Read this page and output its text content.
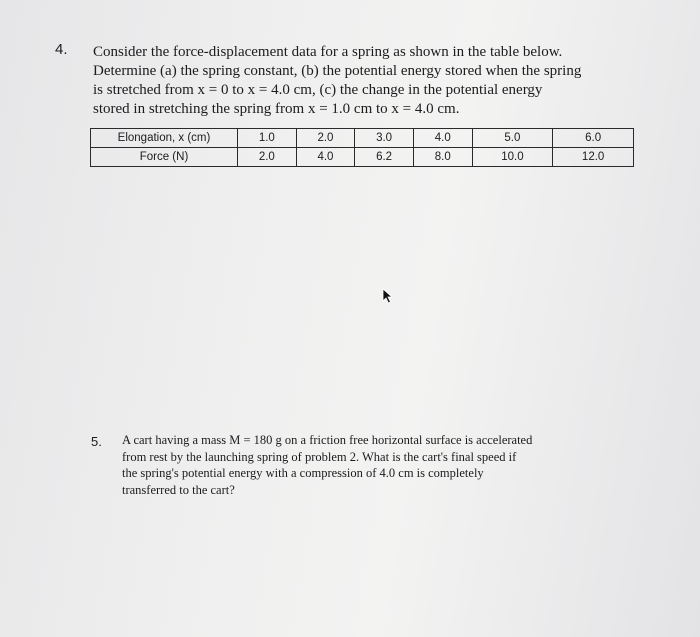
4. Consider the force-displacement data for a spring as shown in the table below.
Determine (a) the spring constant, (b) the potential energy stored when the spring
is stretched from x = 0 to x = 4.0 cm, (c) the change in the potential energy
stored in stretching the spring from x = 1.0 cm to x = 4.0 cm.
Elongation, x (cm)	1.0	2.0	3.0	4.0	5.0	6.0
Force (N)	2.0	4.0	6.2	8.0	10.0	12.0
5. A cart having a mass M = 180 g on a friction free horizontal surface is accelerated
from rest by the launching spring of problem 2. What is the cart's final speed if
the spring's potential energy with a compression of 4.0 cm is completely
transferred to the cart?
